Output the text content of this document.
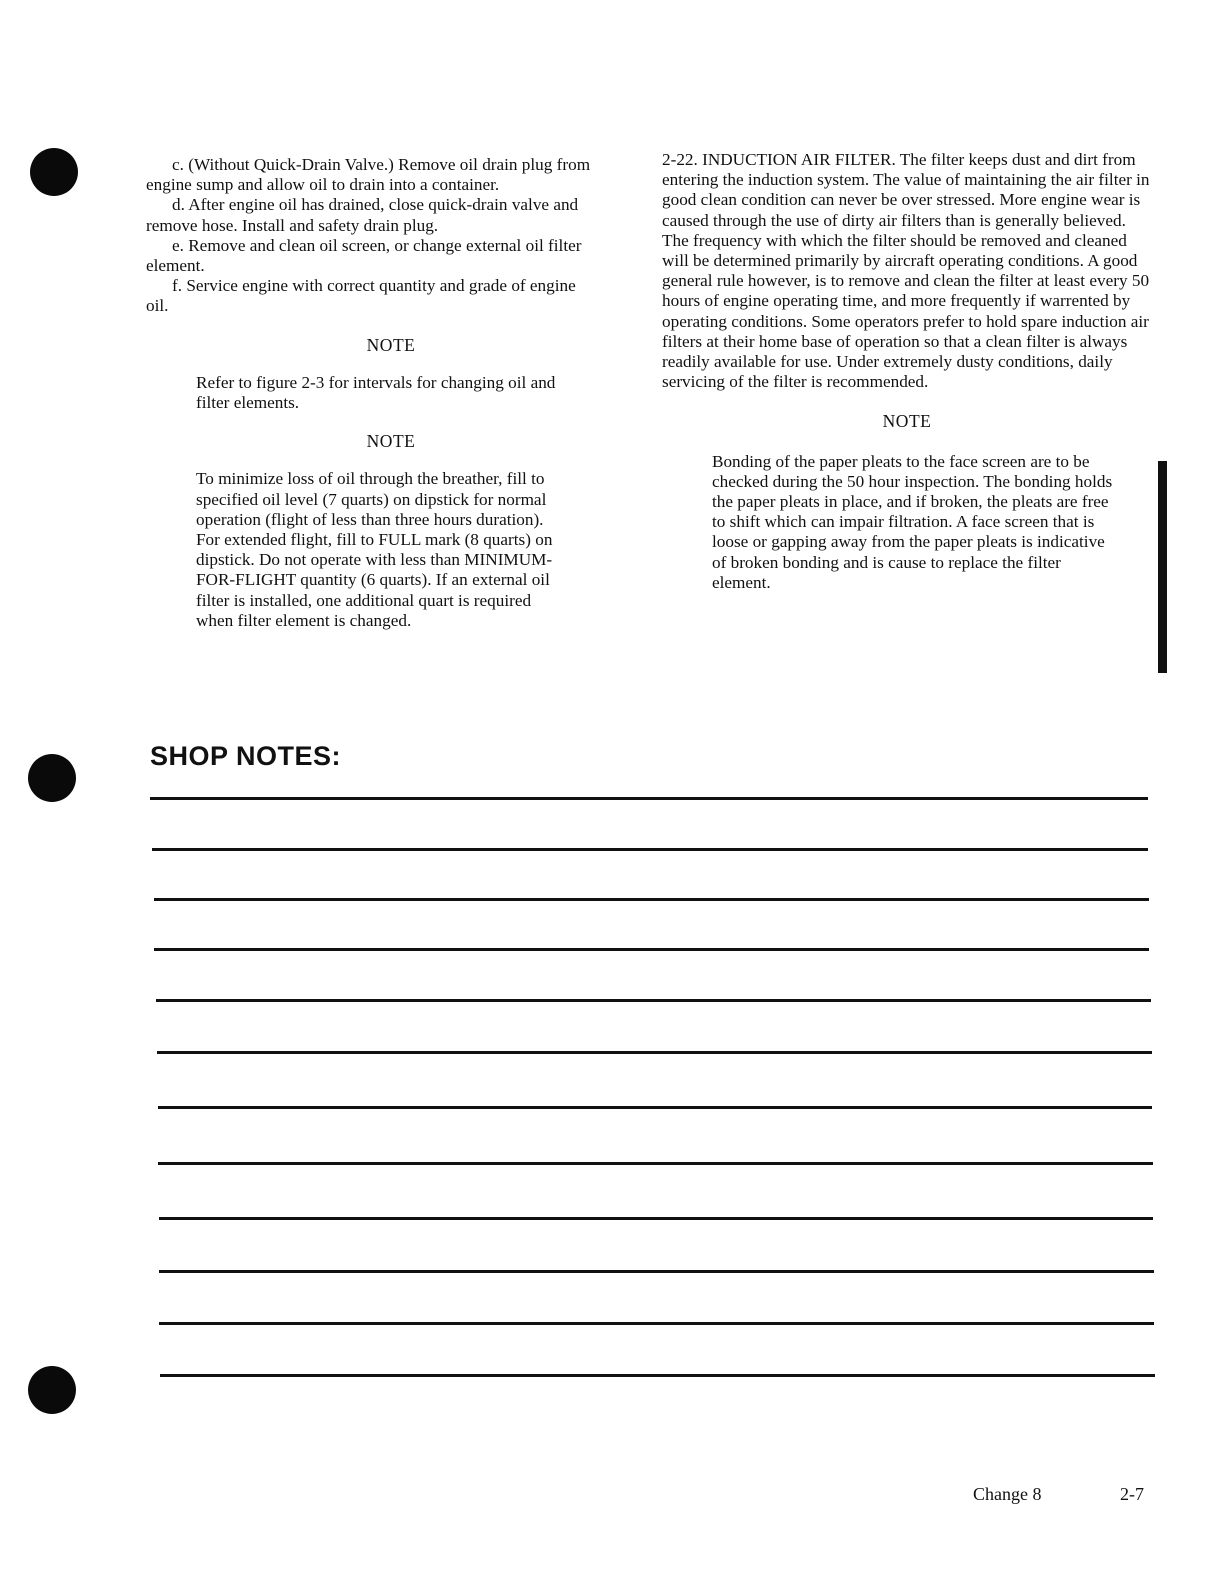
c. (Without Quick-Drain Valve.) Remove oil drain plug from engine sump and allow oil to drain into a container.

d. After engine oil has drained, close quick-drain valve and remove hose. Install and safety drain plug.

e. Remove and clean oil screen, or change external oil filter element.

f. Service engine with correct quantity and grade of engine oil.

NOTE

Refer to figure 2-3 for intervals for changing oil and filter elements.

NOTE

To minimize loss of oil through the breather, fill to specified oil level (7 quarts) on dipstick for normal operation (flight of less than three hours duration). For extended flight, fill to FULL mark (8 quarts) on dipstick. Do not operate with less than MINIMUM-FOR-FLIGHT quantity (6 quarts). If an external oil filter is installed, one additional quart is required when filter element is changed.

2-22. INDUCTION AIR FILTER. The filter keeps dust and dirt from entering the induction system. The value of maintaining the air filter in good clean condition can never be over stressed. More engine wear is caused through the use of dirty air filters than is generally believed. The frequency with which the filter should be removed and cleaned will be determined primarily by aircraft operating conditions. A good general rule however, is to remove and clean the filter at least every 50 hours of engine operating time, and more frequently if warrented by operating conditions. Some operators prefer to hold spare induction air filters at their home base of operation so that a clean filter is always readily available for use. Under extremely dusty conditions, daily servicing of the filter is recommended.

NOTE

Bonding of the paper pleats to the face screen are to be checked during the 50 hour inspection. The bonding holds the paper pleats in place, and if broken, the pleats are free to shift which can impair filtration. A face screen that is loose or gapping away from the paper pleats is indicative of broken bonding and is cause to replace the filter element.

SHOP NOTES:
Change 8	2-7
